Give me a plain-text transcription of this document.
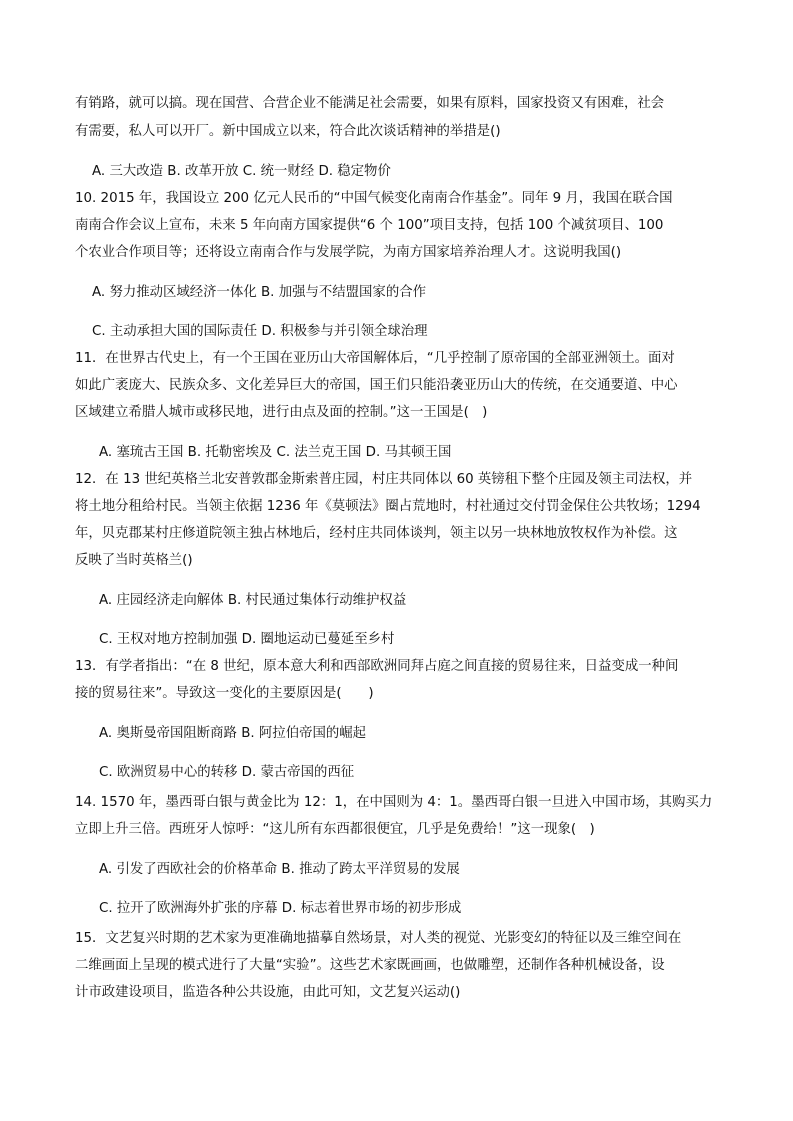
有销路，就可以搞。现在国营、合营企业不能满足社会需要，如果有原料，国家投资又有困难，社会
有需要，私人可以开厂。新中国成立以来，符合此次谈话精神的举措是()
A. 三大改造 B. 改革开放 C. 统一财经 D. 稳定物价
10. 2015 年，我国设立 200 亿元人民币的“中国气候变化南南合作基金”。同年 9 月，我国在联合国
南南合作会议上宣布，未来 5 年向南方国家提供“6 个 100”项目支持，包括 100 个减贫项目、100
个农业合作项目等；还将设立南南合作与发展学院，为南方国家培养治理人才。这说明我国()
A. 努力推动区域经济一体化 B. 加强与不结盟国家的合作
C. 主动承担大国的国际责任 D. 积极参与并引领全球治理
11．在世界古代史上，有一个王国在亚历山大帝国解体后，“几乎控制了原帝国的全部亚洲领土。面对
如此广袤庞大、民族众多、文化差异巨大的帝国，国王们只能沿袭亚历山大的传统，在交通要道、中心
区域建立希腊人城市或移民地，进行由点及面的控制。”这一王国是(　)
A. 塞琉古王国 B. 托勒密埃及 C. 法兰克王国 D. 马其顿王国
12．在 13 世纪英格兰北安普敦郡金斯索普庄园，村庄共同体以 60 英镑租下整个庄园及领主司法权，并
将土地分租给村民。当领主依据 1236 年《莫顿法》圈占荒地时，村社通过交付罚金保住公共牧场；1294
年，贝克郡某村庄修道院领主独占林地后，经村庄共同体谈判，领主以另一块林地放牧权作为补偿。这
反映了当时英格兰()
A. 庄园经济走向解体 B. 村民通过集体行动维护权益
C. 王权对地方控制加强 D. 圈地运动已蔓延至乡村
13．有学者指出：“在 8 世纪，原本意大利和西部欧洲同拜占庭之间直接的贸易往来，日益变成一种间
接的贸易往来”。导致这一变化的主要原因是(　　)
A. 奥斯曼帝国阻断商路 B. 阿拉伯帝国的崛起
C. 欧洲贸易中心的转移 D. 蒙古帝国的西征
14. 1570 年，墨西哥白银与黄金比为 12：1，在中国则为 4：1。墨西哥白银一旦进入中国市场，其购买力
立即上升三倍。西班牙人惊呼：“这儿所有东西都很便宜，几乎是免费给！”这一现象(　)
A. 引发了西欧社会的价格革命 B. 推动了跨太平洋贸易的发展
C. 拉开了欧洲海外扩张的序幕 D. 标志着世界市场的初步形成
15．文艺复兴时期的艺术家为更准确地描摹自然场景，对人类的视觉、光影变幻的特征以及三维空间在
二维画面上呈现的模式进行了大量“实验”。这些艺术家既画画，也做雕塑，还制作各种机械设备，设
计市政建设项目，监造各种公共设施，由此可知，文艺复兴运动()
